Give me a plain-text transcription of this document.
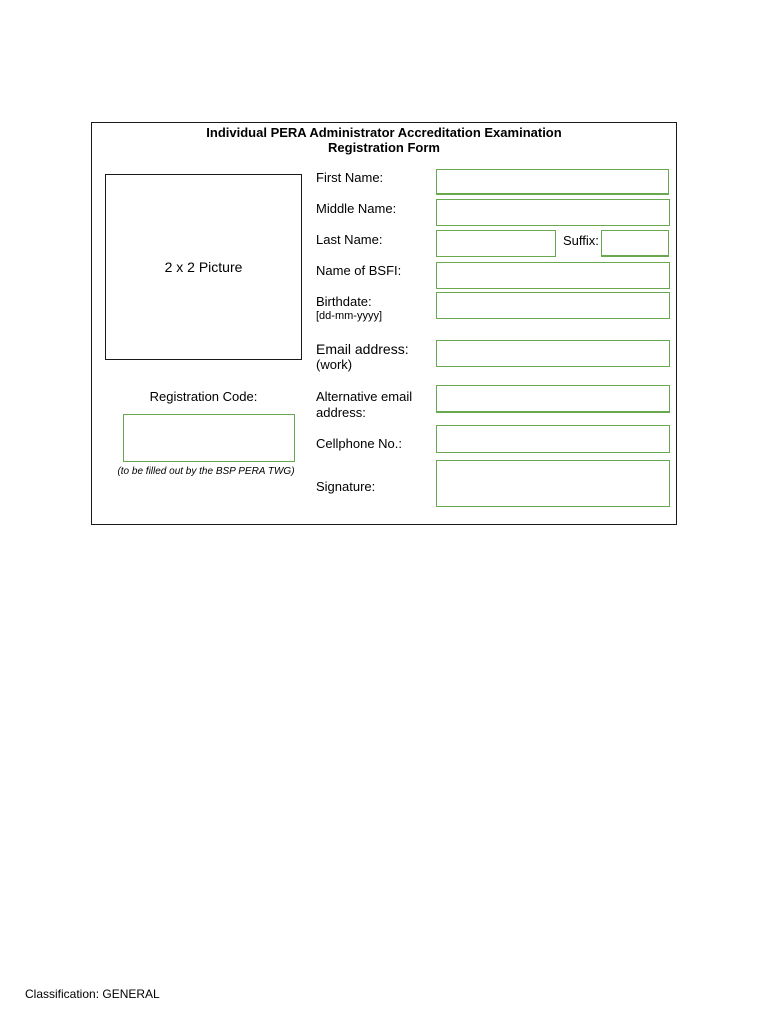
Individual PERA Administrator Accreditation Examination
Registration Form
2 x 2 Picture
Registration Code:
(to be filled out by the BSP PERA TWG)
First Name:
Middle Name:
Last Name:	Suffix:
Name of BSFI:
Birthdate:
[dd-mm-yyyy]
Email address:
(work)
Alternative email
address:
Cellphone No.:
Signature:
Classification: GENERAL
